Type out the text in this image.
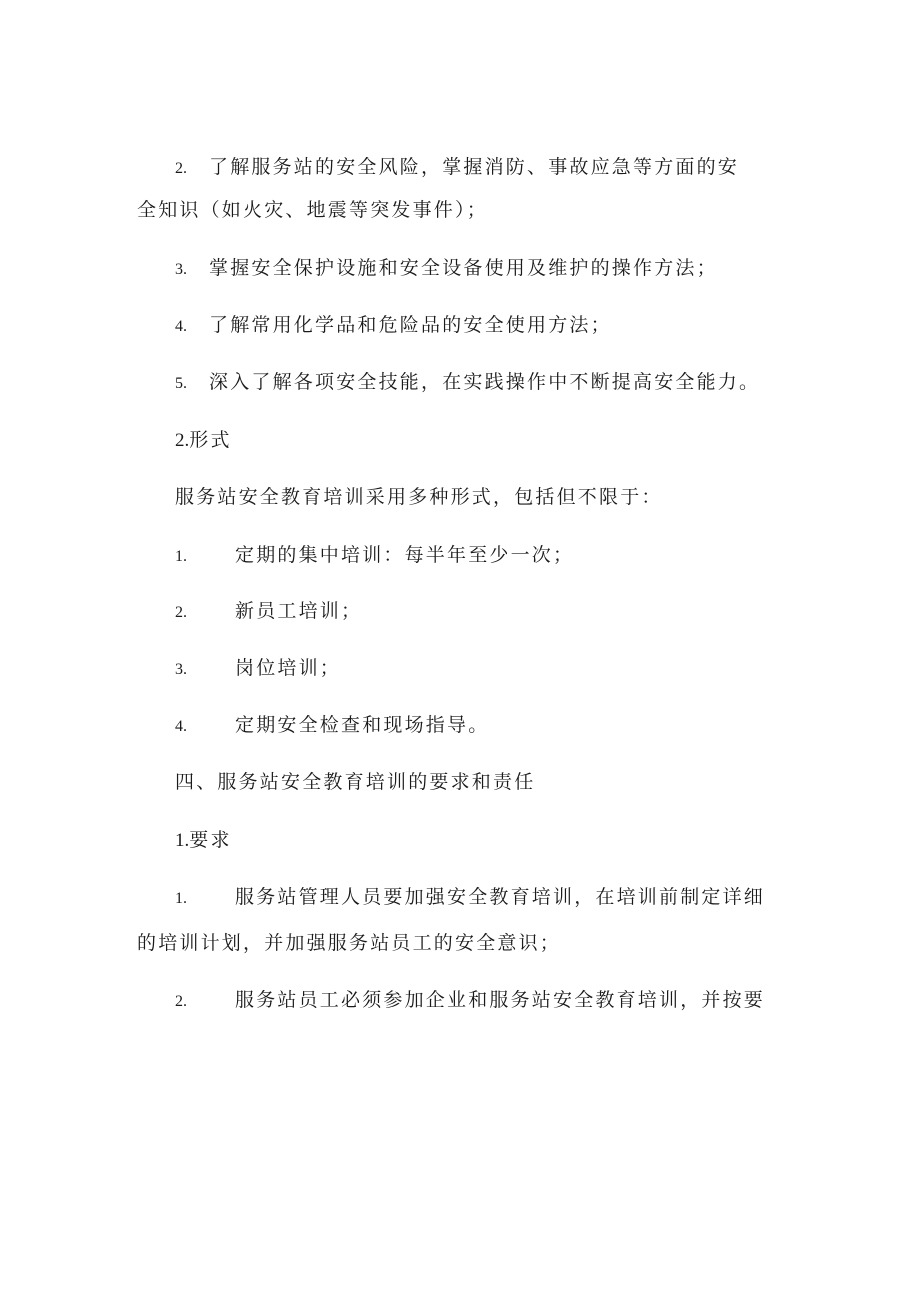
2. 了解服务站的安全风险，掌握消防、事故应急等方面的安
全知识（如火灾、地震等突发事件）；
3. 掌握安全保护设施和安全设备使用及维护的操作方法；
4. 了解常用化学品和危险品的安全使用方法；
5. 深入了解各项安全技能，在实践操作中不断提高安全能力。
2.形式
服务站安全教育培训采用多种形式，包括但不限于：
1.	定期的集中培训：每半年至少一次；
2.	新员工培训；
3.	岗位培训；
4.	定期安全检查和现场指导。
四、服务站安全教育培训的要求和责任
1.要求
1.	服务站管理人员要加强安全教育培训，在培训前制定详细
的培训计划，并加强服务站员工的安全意识；
2.	服务站员工必须参加企业和服务站安全教育培训，并按要
